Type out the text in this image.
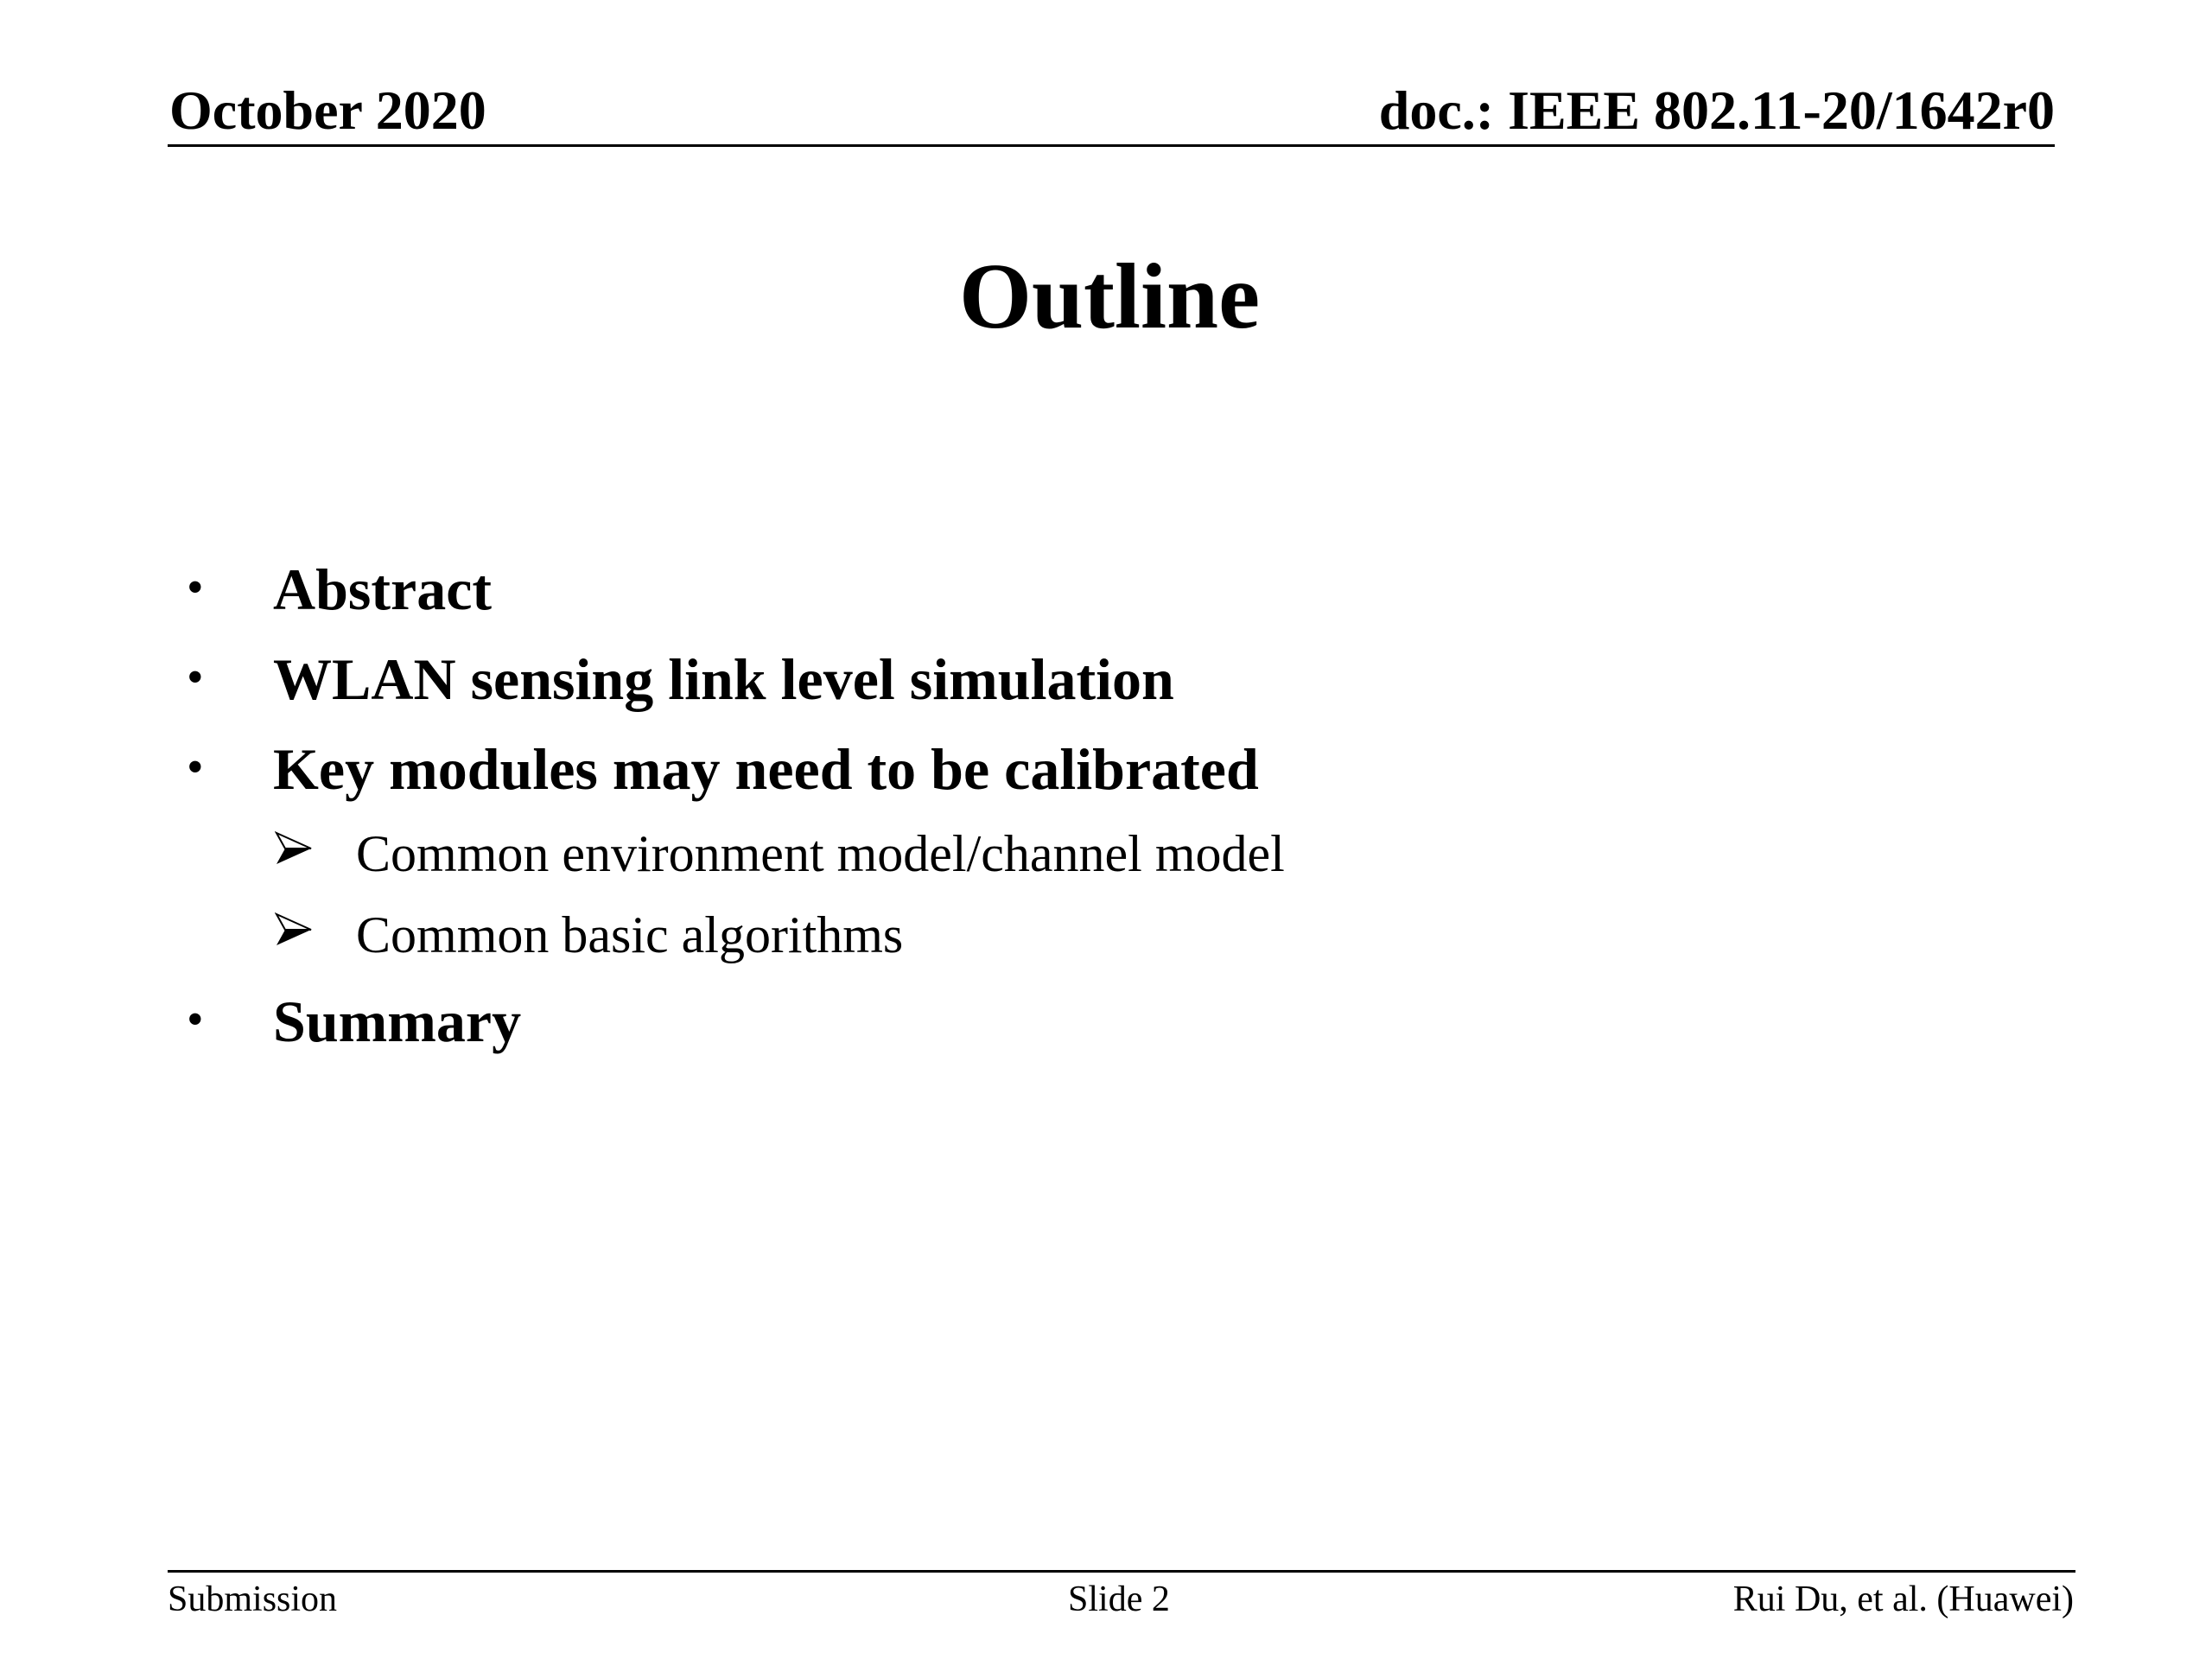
October 2020	doc.: IEEE 802.11-20/1642r0
Outline
• Abstract
• WLAN sensing link level simulation
• Key modules may need to be calibrated
Common environment model/channel model
Common basic algorithms
• Summary
Submission	Slide 2	Rui Du, et al. (Huawei)
